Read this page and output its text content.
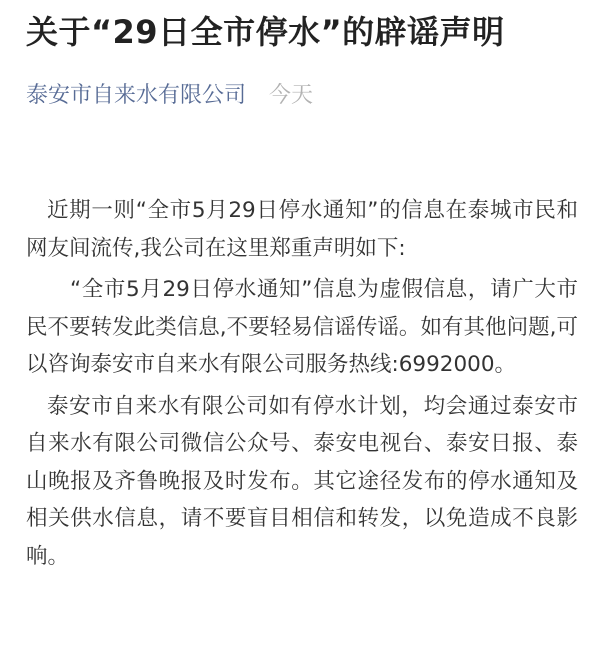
关于“29日全市停水”的辟谣声明
泰安市自来水有限公司 今天

近期一则“全市5月29日停水通知”的信息在泰城市民和网友间流传,我公司在这里郑重声明如下:

“全市5月29日停水通知”信息为虚假信息，请广大市民不要转发此类信息,不要轻易信谣传谣。如有其他问题,可以咨询泰安市自来水有限公司服务热线:6992000。

泰安市自来水有限公司如有停水计划，均会通过泰安市自来水有限公司微信公众号、泰安电视台、泰安日报、泰山晚报及齐鲁晚报及时发布。其它途径发布的停水通知及相关供水信息，请不要盲目相信和转发，以免造成不良影响。
